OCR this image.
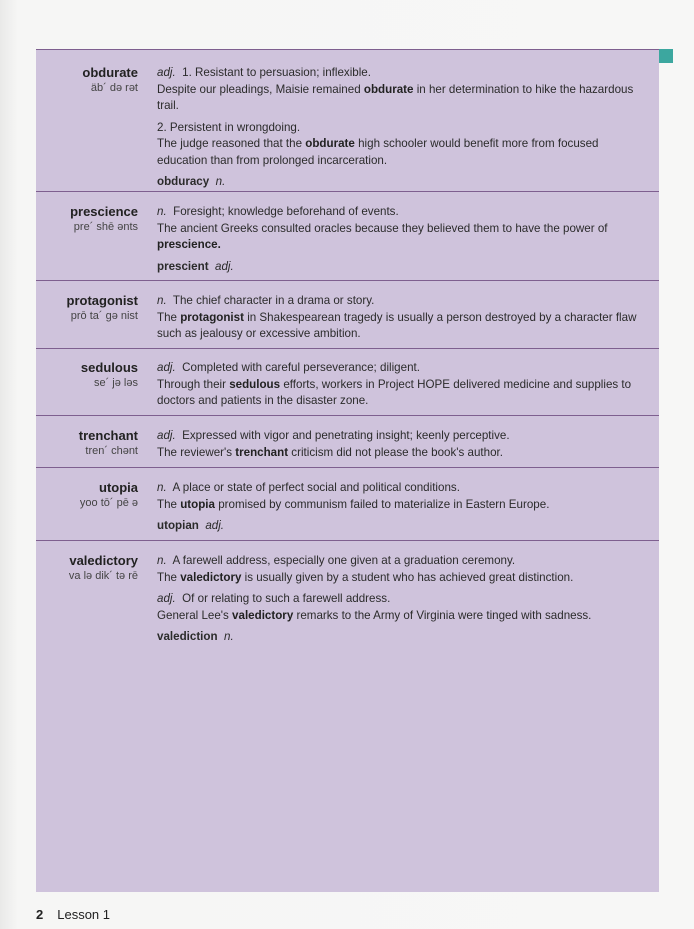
obdurate
äb´ də rət
adj. 1. Resistant to persuasion; inflexible.
Despite our pleadings, Maisie remained obdurate in her determination to hike the hazardous trail.
2. Persistent in wrongdoing.
The judge reasoned that the obdurate high schooler would benefit more from focused education than from prolonged incarceration.
obduracy n.
prescience
pre´ shē ənts
n. Foresight; knowledge beforehand of events.
The ancient Greeks consulted oracles because they believed them to have the power of prescience.
prescient adj.
protagonist
prō ta´ gə nist
n. The chief character in a drama or story.
The protagonist in Shakespearean tragedy is usually a person destroyed by a character flaw such as jealousy or excessive ambition.
sedulous
se´ jə ləs
adj. Completed with careful perseverance; diligent.
Through their sedulous efforts, workers in Project HOPE delivered medicine and supplies to doctors and patients in the disaster zone.
trenchant
tren´ chənt
adj. Expressed with vigor and penetrating insight; keenly perceptive.
The reviewer's trenchant criticism did not please the book's author.
utopia
yoo tō´ pē ə
n. A place or state of perfect social and political conditions.
The utopia promised by communism failed to materialize in Eastern Europe.
utopian adj.
valedictory
va lə dik´ tə rē
n. A farewell address, especially one given at a graduation ceremony.
The valedictory is usually given by a student who has achieved great distinction.
adj. Of or relating to such a farewell address.
General Lee's valedictory remarks to the Army of Virginia were tinged with sadness.
valediction n.
2 Lesson 1
